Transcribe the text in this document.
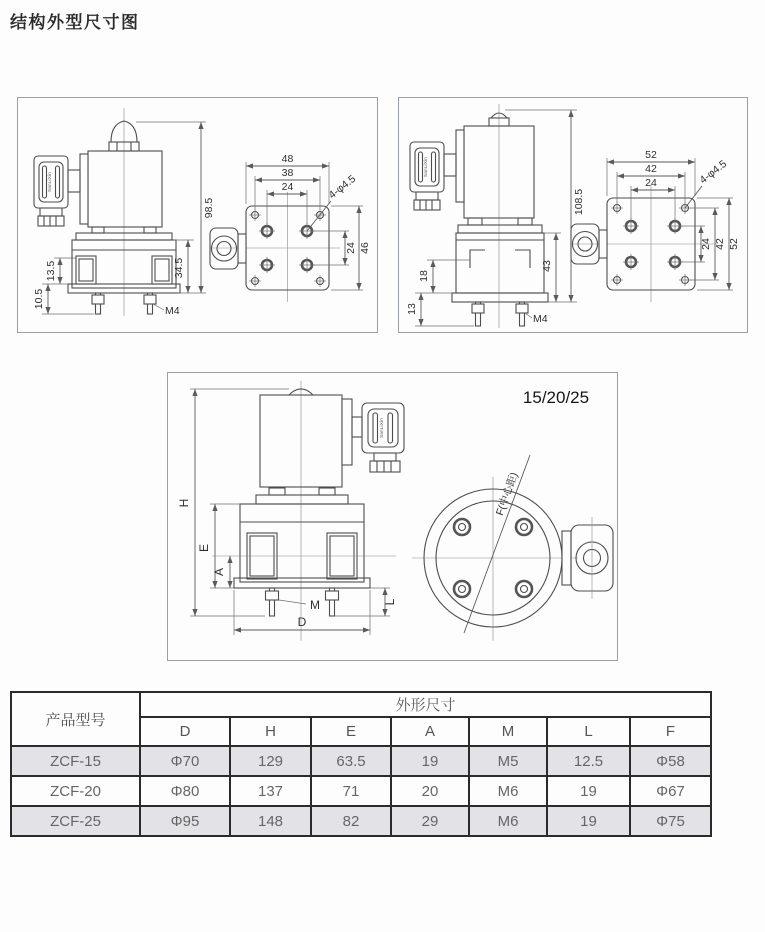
结构外型尺寸图
SanLiXin
98.5
34.5
13.5
10.5
M4
48
38
24
24 46
4-φ4.5
SanLiXin
108.5
43
18
13
M4
52
42
24
24 42 52
4-φ4.5
15/20/25
SanLiXin
H
E
A
M
D
L
F(中心距)
产品型号	外形尺寸						
	D	H	E	A	M	L	F
ZCF-15	Φ70	129	63.5	19	M5	12.5	Φ58
ZCF-20	Φ80	137	71	20	M6	19	Φ67
ZCF-25	Φ95	148	82	29	M6	19	Φ75
